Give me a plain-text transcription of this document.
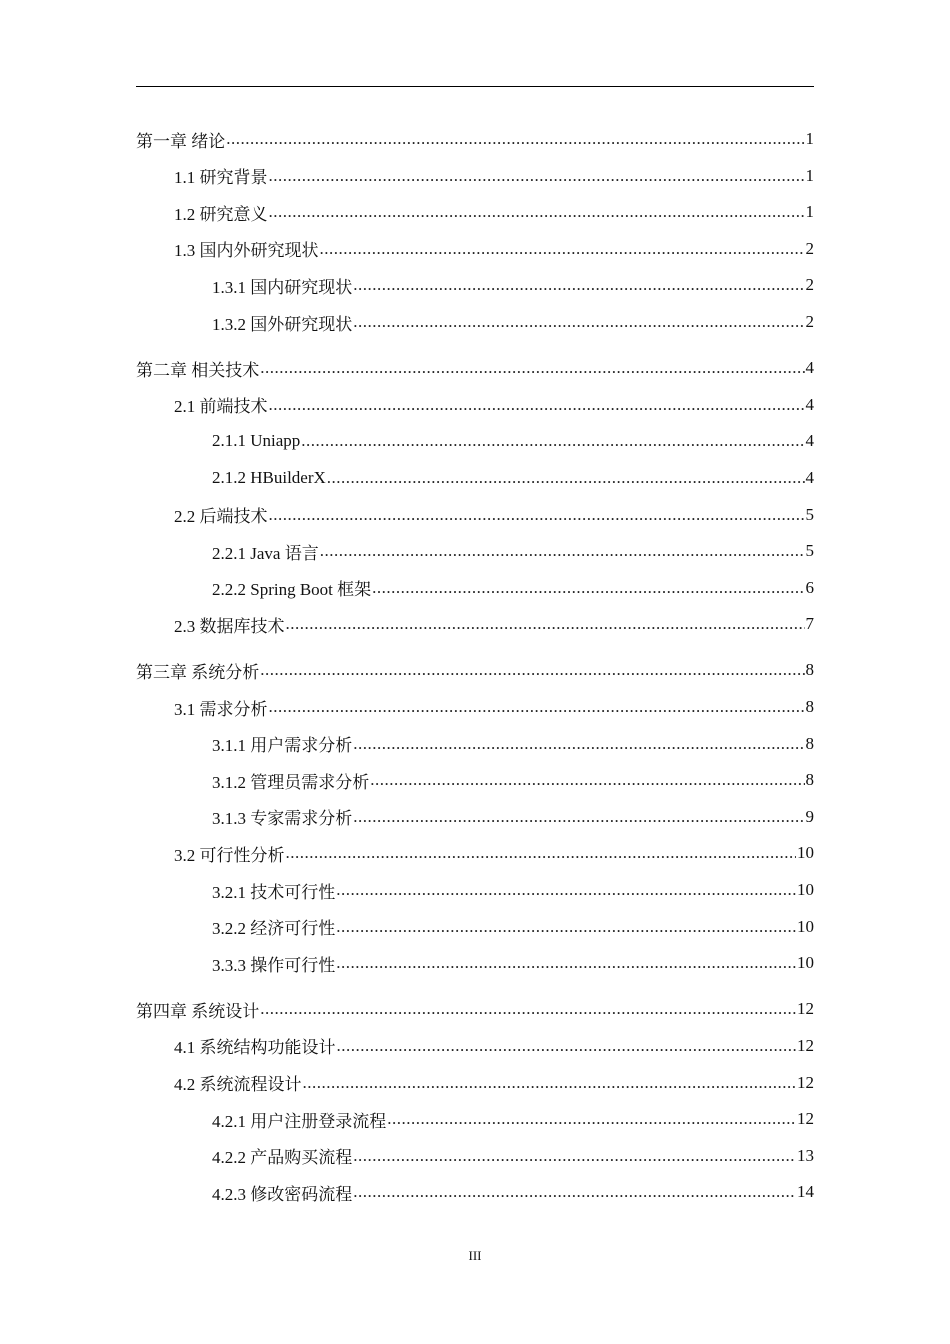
第一章 绪论 .....	1
1.1 研究背景 .....	1
1.2 研究意义 .....	1
1.3 国内外研究现状 .....	2
1.3.1 国内研究现状 .....	2
1.3.2 国外研究现状 .....	2
第二章 相关技术 .....	4
2.1 前端技术 .....	4
2.1.1 Uniapp .....	4
2.1.2 HBuilderX .....	4
2.2 后端技术 .....	5
2.2.1 Java 语言 .....	5
2.2.2 Spring Boot 框架 .....	6
2.3 数据库技术 .....	7
第三章 系统分析 .....	8
3.1 需求分析 .....	8
3.1.1 用户需求分析 .....	8
3.1.2 管理员需求分析 .....	8
3.1.3 专家需求分析 .....	9
3.2 可行性分析 .....	10
3.2.1 技术可行性 .....	10
3.2.2 经济可行性 .....	10
3.3.3 操作可行性 .....	10
第四章 系统设计 .....	12
4.1 系统结构功能设计 .....	12
4.2 系统流程设计 .....	12
4.2.1 用户注册登录流程 .....	12
4.2.2 产品购买流程 .....	13
4.2.3 修改密码流程 .....	14
III
